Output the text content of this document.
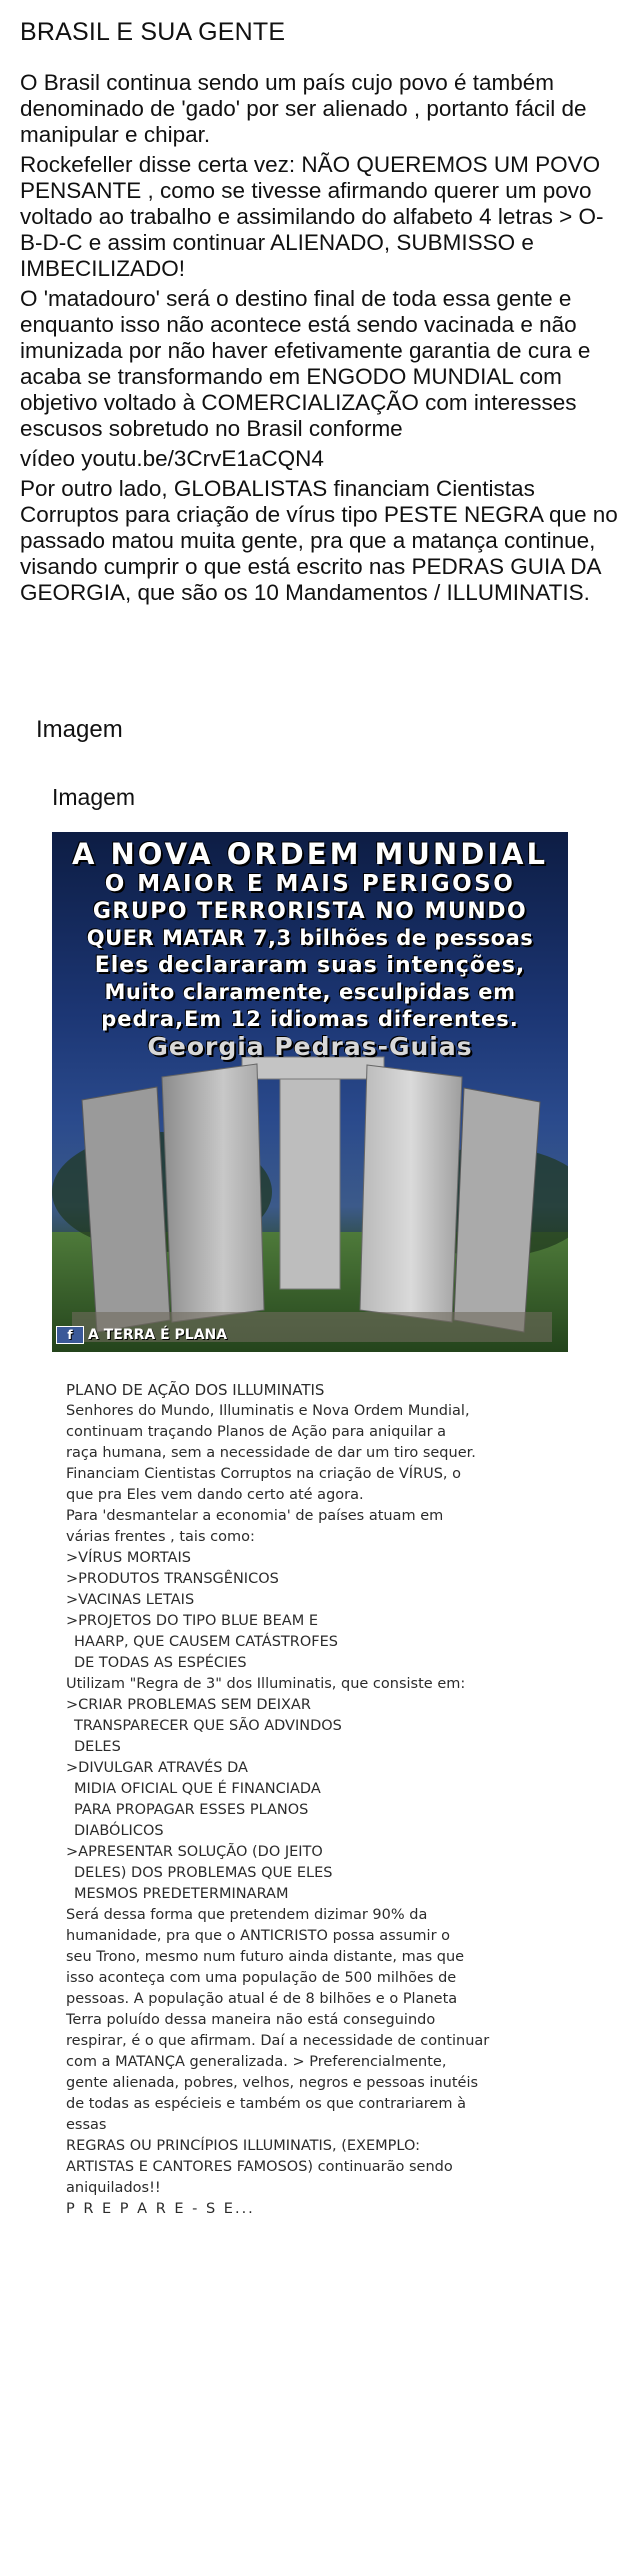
BRASIL E SUA GENTE

O Brasil continua sendo um país cujo povo é também denominado de 'gado' por ser alienado , portanto fácil de manipular e chipar.

Rockefeller disse certa vez: NÃO QUEREMOS UM POVO PENSANTE , como se tivesse afirmando querer um povo voltado ao trabalho e assimilando do alfabeto 4 letras > O-B-D-C e assim continuar ALIENADO, SUBMISSO e IMBECILIZADO!

O 'matadouro' será o destino final de toda essa gente e enquanto isso não acontece está sendo vacinada e não imunizada por não haver efetivamente garantia de cura e acaba se transformando em ENGODO MUNDIAL com objetivo voltado à COMERCIALIZAÇÃO com interesses escusos sobretudo no Brasil conforme

vídeo youtu.be/3CrvE1aCQN4

Por outro lado, GLOBALISTAS financiam Cientistas Corruptos para criação de vírus tipo PESTE NEGRA que no passado matou muita gente, pra que a matança continue, visando cumprir o que está escrito nas PEDRAS GUIA DA GEORGIA, que são os 10 Mandamentos / ILLUMINATIS.

Imagem
Imagem
A NOVA ORDEM MUNDIAL
O MAIOR E MAIS PERIGOSO
GRUPO TERRORISTA NO MUNDO
QUER MATAR 7,3 bilhões de pessoas
Eles declararam suas intenções,
Muito claramente, esculpidas em
pedra,Em 12 idiomas diferentes.
Georgia Pedras-Guias
f	A TERRA É PLANA

PLANO DE AÇÃO DOS ILLUMINATIS

Senhores do Mundo, Illuminatis e Nova Ordem Mundial,

continuam traçando Planos de Ação para aniquilar a

raça humana, sem a necessidade de dar um tiro sequer.

Financiam Cientistas Corruptos na criação de VÍRUS, o

que pra Eles vem dando certo até agora.

Para 'desmantelar a economia' de países atuam em

várias frentes , tais como:

>VÍRUS MORTAIS

>PRODUTOS TRANSGÊNICOS

>VACINAS LETAIS

>PROJETOS DO TIPO BLUE BEAM E

HAARP, QUE CAUSEM CATÁSTROFES

DE TODAS AS ESPÉCIES

Utilizam "Regra de 3" dos Illuminatis, que consiste em:

>CRIAR PROBLEMAS SEM DEIXAR

TRANSPARECER QUE SÃO ADVINDOS

DELES

>DIVULGAR ATRAVÉS DA

MIDIA OFICIAL QUE É FINANCIADA

PARA PROPAGAR ESSES PLANOS

DIABÓLICOS

>APRESENTAR SOLUÇÃO (DO JEITO

DELES) DOS PROBLEMAS QUE ELES

MESMOS PREDETERMINARAM

Será dessa forma que pretendem dizimar 90% da

humanidade, pra que o ANTICRISTO possa assumir o

seu Trono, mesmo num futuro ainda distante, mas que

isso aconteça com uma população de 500 milhões de

pessoas. A população atual é de 8 bilhões e o Planeta

Terra poluído dessa maneira não está conseguindo

respirar, é o que afirmam. Daí a necessidade de continuar

com a MATANÇA generalizada. > Preferencialmente,

gente alienada, pobres, velhos, negros e pessoas inutéis

de todas as espécieis e também os que contrariarem à

essas

REGRAS OU PRINCÍPIOS ILLUMINATIS, (EXEMPLO:

ARTISTAS E CANTORES FAMOSOS) continuarão sendo

aniquilados!!

P R E P A R E - S E...
